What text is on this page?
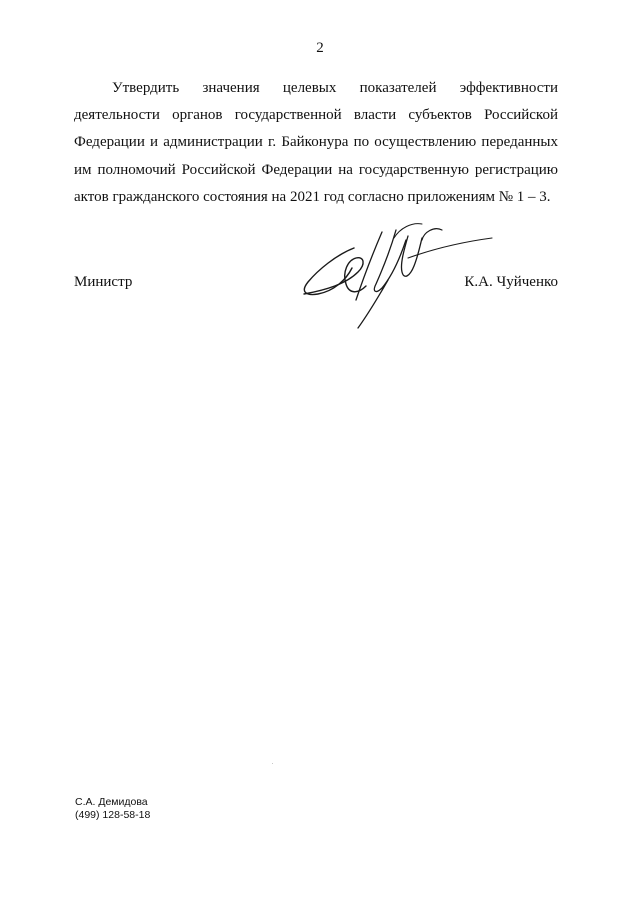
2

Утвердить значения целевых показателей эффективности деятельности органов государственной власти субъектов Российской Федерации и администрации г. Байконура по осуществлению переданных им полномочий Российской Федерации на государственную регистрацию актов гражданского состояния на 2021 год согласно приложениям № 1 – 3.

Министр	К.А. Чуйченко
С.А. Демидова
(499) 128-58-18
